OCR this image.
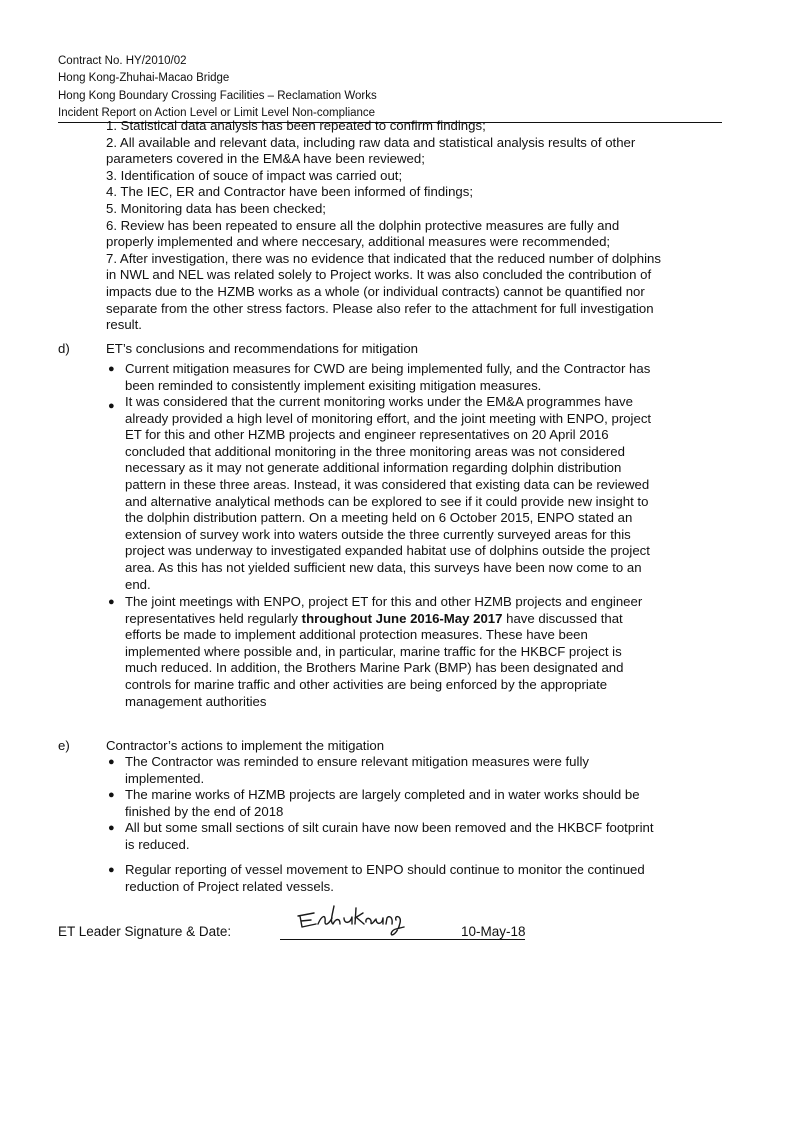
Contract No. HY/2010/02
Hong Kong-Zhuhai-Macao Bridge
Hong Kong Boundary Crossing Facilities – Reclamation Works
Incident Report on Action Level or Limit Level Non-compliance

1. Statistical data analysis has been repeated to confirm findings;

2. All available and relevant data, including raw data and statistical analysis results of other parameters covered in the EM&A have been reviewed;

3. Identification of souce of impact was carried out;

4. The IEC, ER and Contractor have been informed of findings;

5. Monitoring data has been checked;

6. Review has been repeated to ensure all the dolphin protective measures are fully and properly implemented and where neccesary, additional measures were recommended;

7. After investigation, there was no evidence that indicated that the reduced number of dolphins in NWL and NEL was related solely to Project works. It was also concluded the contribution of impacts due to the HZMB works as a whole (or individual contracts) cannot be quantified nor separate from the other stress factors. Please also refer to the attachment for full investigation result.

d)	ET’s conclusions and recommendations for mitigation
● Current mitigation measures for CWD are being implemented fully, and the Contractor has been reminded to consistently implement exisiting mitigation measures.
● It was considered that the current monitoring works under the EM&A programmes have already provided a high level of monitoring effort, and the joint meeting with ENPO, project ET for this and other HZMB projects and engineer representatives on 20 April 2016 concluded that additional monitoring in the three monitoring areas was not considered necessary as it may not generate additional information regarding dolphin distribution pattern in these three areas. Instead, it was considered that existing data can be reviewed and alternative analytical methods can be explored to see if it could provide new insight to the dolphin distribution pattern. On a meeting held on 6 October 2015, ENPO stated an extension of survey work into waters outside the three currently surveyed areas for this project was underway to investigated expanded habitat use of dolphins outside the project area. As this has not yielded sufficient new data, this surveys have been now come to an end.
● The joint meetings with ENPO, project ET for this and other HZMB projects and engineer representatives held regularly throughout June 2016-May 2017 have discussed that
efforts be made to implement additional protection measures. These have been implemented where possible and, in particular, marine traffic for the HKBCF project is much reduced. In addition, the Brothers Marine Park (BMP) has been designated and controls for marine traffic and other activities are being enforced by the appropriate management authorities
e)	Contractor’s actions to implement the mitigation
● The Contractor was reminded to ensure relevant mitigation measures were fully implemented.
● The marine works of HZMB projects are largely completed and in water works should be finished by the end of 2018
● All but some small sections of silt curain have now been removed and the HKBCF footprint is reduced.
● Regular reporting of vessel movement to ENPO should continue to monitor the continued reduction of Project related vessels.
ET Leader Signature & Date:	10-May-18
